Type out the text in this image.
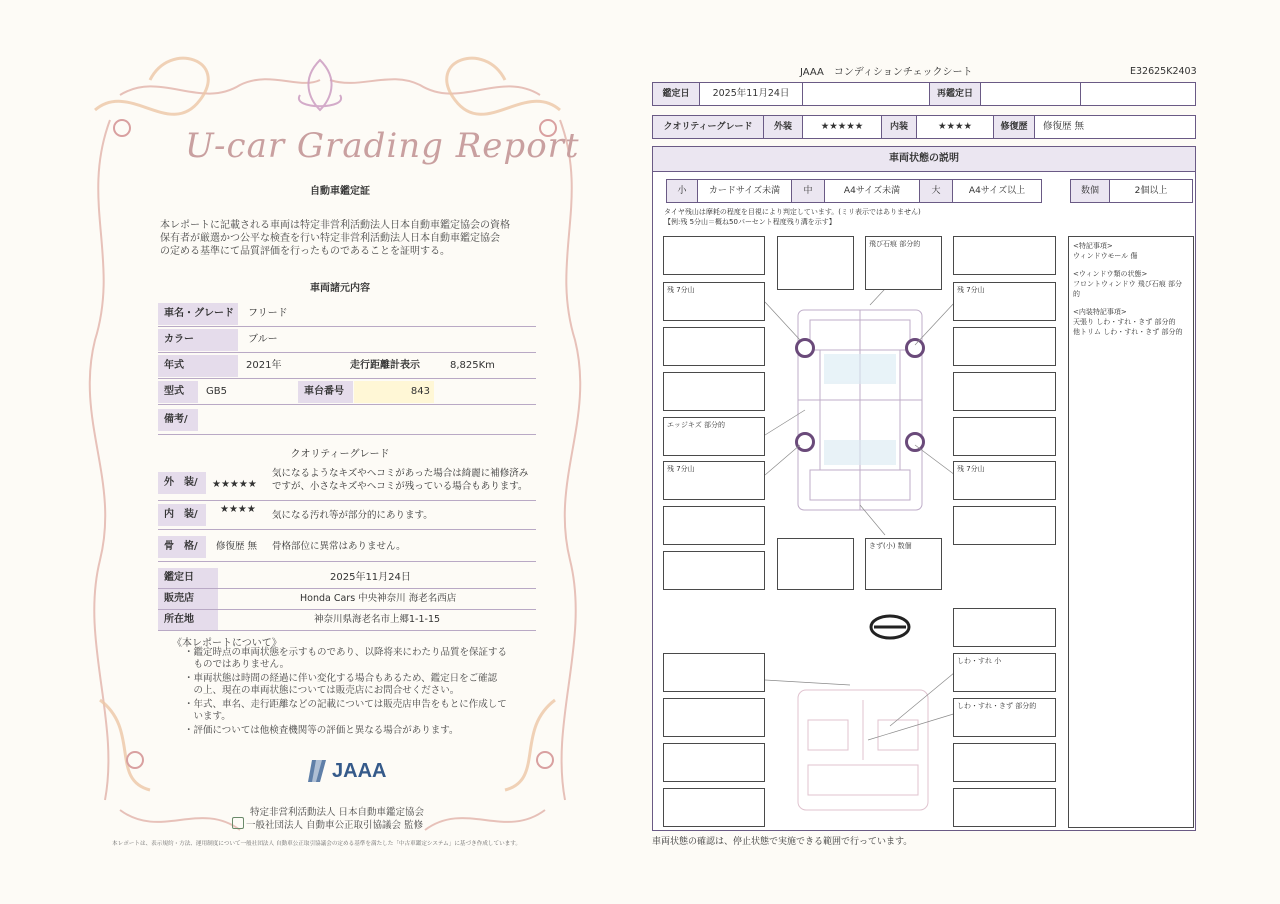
U-car Grading Report
自動車鑑定証
本レポートに記載される車両は特定非営利活動法人日本自動車鑑定協会の資格
保有者が厳選かつ公平な検査を行い特定非営利活動法人日本自動車鑑定協会
の定める基準にて品質評価を行ったものであることを証明する。
車両諸元内容
車名・グレード	フリード
カラー	ブルー
年式	2021年	走行距離計表示	8,825Km
型式	GB5	車台番号	843
備考/
クオリティーグレード
外　装/	★★★★★
気になるようなキズやヘコミがあった場合は綺麗に補修済み
ですが、小さなキズやヘコミが残っている場合もあります。
内　装/	★★★★
気になる汚れ等が部分的にあります。
骨　格/	修復歴 無 骨格部位に異常はありません。
鑑定日	2025年11月24日
販売店	Honda Cars 中央神奈川 海老名西店
所在地	神奈川県海老名市上郷1-1-15
《本レポートについて》
・鑑定時点の車両状態を示すものであり、以降将来にわたり品質を保証する
　ものではありません。
・車両状態は時間の経過に伴い変化する場合もあるため、鑑定日をご確認
　の上、現在の車両状態については販売店にお問合せください。
・年式、車名、走行距離などの記載については販売店申告をもとに作成して
　います。
・評価については他検査機関等の評価と異なる場合があります。
JAAA
特定非営利活動法人 日本自動車鑑定協会
一般社団法人 自動車公正取引協議会 監修
本レポートは、表示規約・方法、運用制度について一般社団法人 自動車公正取引協議会の定める基準を満たした「中古車鑑定システム」に基づき作成しています。
JAAA　コンディションチェックシート	E32625K2403
鑑定日	2025年11月24日	再鑑定日
クオリティーグレード	外装	★★★★★	内装	★★★★	修復歴	修復歴 無
車両状態の説明
小	カードサイズ未満	中	A4サイズ未満	大	A4サイズ以上	数個	2個以上
タイヤ残山は摩耗の程度を目視により判定しています。(ミリ表示ではありません)
【例:残 5分山＝概ね50パーセント程度残り溝を示す】
飛び石痕 部分的
残 7分山	残 7分山
エッジキズ 部分的
残 7分山	残 7分山
きず(小) 数個
しわ・すれ 小
しわ・すれ・きず 部分的
<特記事項>
ウィンドウモール 傷
<ウィンドウ類の状態>
フロントウィンドウ 飛び石痕 部分的
<内装特記事項>
天張り しわ・すれ・きず 部分的
他トリム しわ・すれ・きず 部分的
車両状態の確認は、停止状態で実施できる範囲で行っています。
